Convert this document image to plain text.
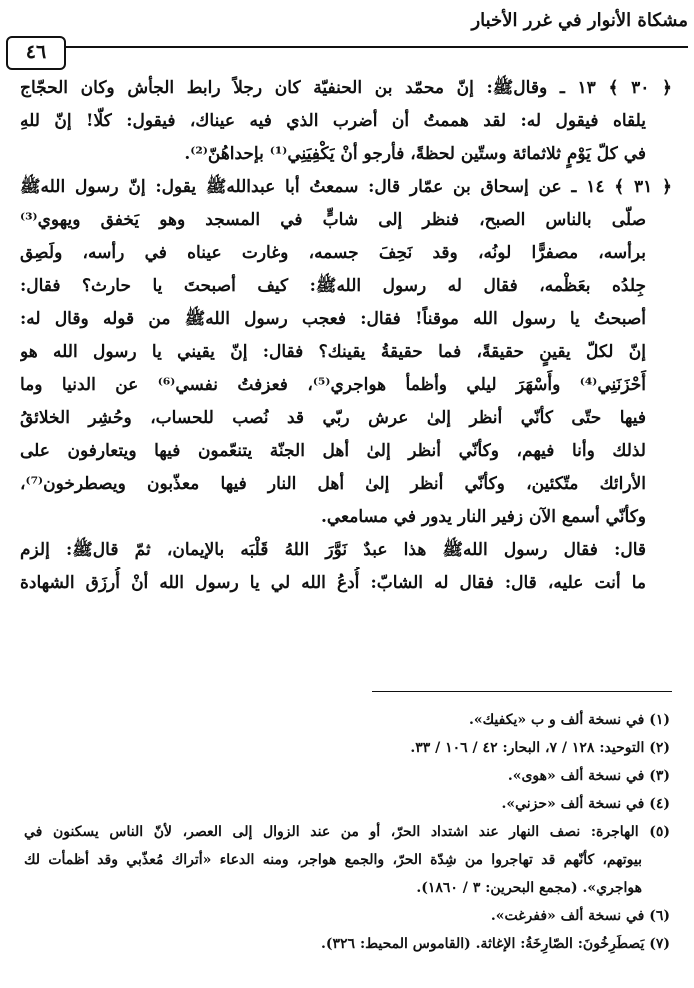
مشكاة الأنوار في غرر الأخبار
٤٦
﴿ ٣٠ ﴾ ١٣ ـ وقالﷺ: إنّ محمّد بن الحنفيّة كان رجلاً رابط الجأش وكان الحجّاج
يلقاه فيقول له: لقد هممتُ أن أضرب الذي فيه عيناك، فيقول: كلّا! إنّ للهِ
في كلّ يَوْمٍ ثلاثمائة وستّين لحظةً، فأرجو أنْ يَكْفِيَنِي⁽¹⁾ بإحداهُنّ⁽²⁾.
﴿ ٣١ ﴾ ١٤ ـ عن إسحاق بن عمّار قال: سمعتُ أبا عبداللهﷺ يقول: إنّ رسول اللهﷺ
صلّى بالناس الصبح، فنظر إلى شابٍّ في المسجد وهو يَخفق ويهوي⁽³⁾
برأسه، مصفرًّا لونُه، وقد نَحِفَ جسمه، وغارت عيناه في رأسه، ولَصِق
جِلدُه بعَظْمه، فقال له رسول اللهﷺ: كيف أصبحتَ يا حارث؟ فقال:
أصبحتُ يا رسول الله موقناً! فقال: فعجب رسول اللهﷺ من قوله وقال له:
إنّ لكلّ يقينٍ حقيقةً، فما حقيقةُ يقينك؟ فقال: إنّ يقيني يا رسول الله هو
أَحْزَنَنِي⁽⁴⁾ وأَسْهَرَ ليلي وأظمأ هواجري⁽⁵⁾، فعزفتُ نفسي⁽⁶⁾ عن الدنيا وما
فيها حتّى كأنّي أنظر إلىٰ عرش ربّي قد نُصب للحساب، وحُشِر الخلائقُ
لذلك وأنا فيهم، وكأنّي أنظر إلىٰ أهل الجنّة يتنعّمون فيها ويتعارفون على
الأرائك متّكئين، وكأنّي أنظر إلىٰ أهل النار فيها معذّبون ويصطرخون⁽⁷⁾،
وكأنّي أسمع الآن زفير النار يدور في مسامعي.
قال: فقال رسول اللهﷺ هذا عبدٌ نَوَّرَ اللهُ قَلْبَه بالإيمان، ثمّ قالﷺ: إلزم
ما أنت عليه، قال: فقال له الشابّ: أُدعُ الله لي يا رسول الله أنْ أُرزَق الشهادة
(١) في نسخة ألف و ب «يكفيك».
(٢) التوحيد: ١٢٨ / ٧، البحار: ٤٢ / ١٠٦ / ٣٣.
(٣) في نسخة ألف «هوى».
(٤) في نسخة ألف «حزني».
(٥) الهاجرة: نصف النهار عند اشتداد الحرّ، أو من عند الزوال إلى العصر، لأنّ الناس يسكنون في
بيوتهم، كأنّهم قد تهاجروا من شِدّة الحرّ، والجمع هواجر، ومنه الدعاء «أتراك مُعذّبي وقد أظمأت لك
هواجري». (مجمع البحرين: ٣ / ١٨٦٠).
(٦) في نسخة ألف «ففرغت».
(٧) يَصطَرِخُونَ: الصّارِخَةُ: الإغاثة. (القاموس المحيط: ٣٢٦).
